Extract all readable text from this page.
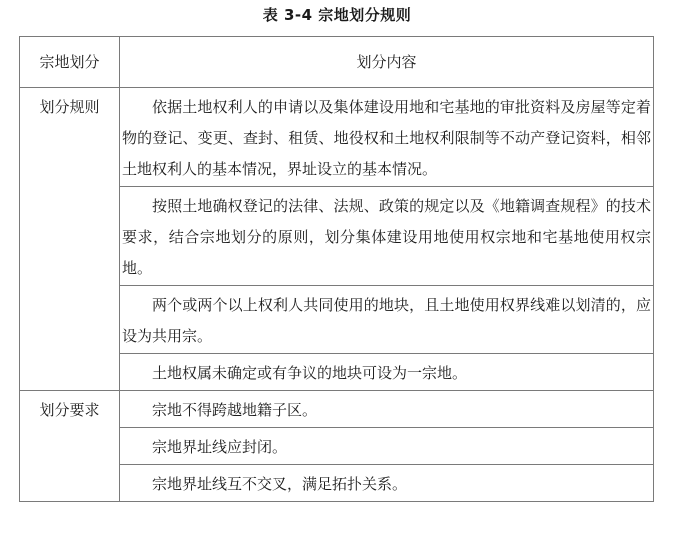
表 3-4 宗地划分规则
宗地划分	划分内容
划分规则	依据土地权利人的申请以及集体建设用地和宅基地的审批资料及房屋等定着物的登记、变更、查封、租赁、地役权和土地权利限制等不动产登记资料，相邻土地权利人的基本情况，界址设立的基本情况。
	按照土地确权登记的法律、法规、政策的规定以及《地籍调查规程》的技术要求，结合宗地划分的原则，划分集体建设用地使用权宗地和宅基地使用权宗地。
	两个或两个以上权利人共同使用的地块，且土地使用权界线难以划清的，应设为共用宗。
	土地权属未确定或有争议的地块可设为一宗地。
划分要求	宗地不得跨越地籍子区。
	宗地界址线应封闭。
	宗地界址线互不交叉，满足拓扑关系。
